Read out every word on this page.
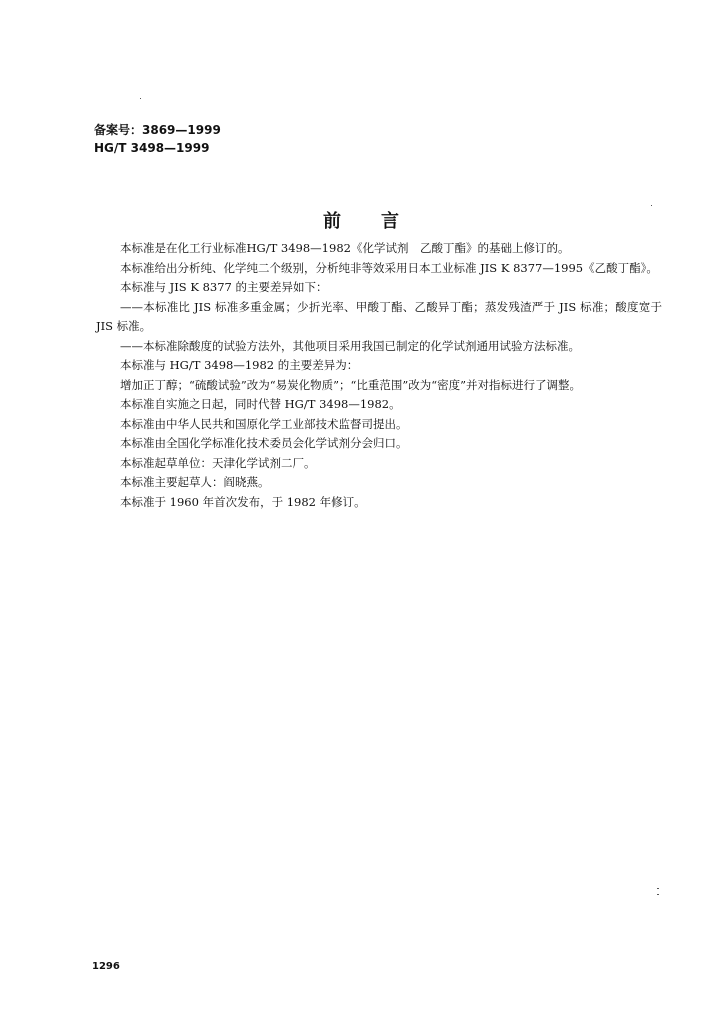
备案号：3869—1999
HG/T 3498—1999
前言

本标准是在化工行业标准HG/T 3498—1982《化学试剂　乙酸丁酯》的基础上修订的。

本标准给出分析纯、化学纯二个级别，分析纯非等效采用日本工业标准 JIS K 8377—1995《乙酸丁酯》。

本标准与 JIS K 8377 的主要差异如下：

——本标准比 JIS 标准多重金属；少折光率、甲酸丁酯、乙酸异丁酯；蒸发残渣严于 JIS 标准；酸度宽于 JIS 标准。

——本标准除酸度的试验方法外，其他项目采用我国已制定的化学试剂通用试验方法标准。

本标准与 HG/T 3498—1982 的主要差异为：

增加正丁醇；“硫酸试验”改为“易炭化物质”；“比重范围”改为“密度”并对指标进行了调整。

本标准自实施之日起，同时代替 HG/T 3498—1982。

本标准由中华人民共和国原化学工业部技术监督司提出。

本标准由全国化学标准化技术委员会化学试剂分会归口。

本标准起草单位：天津化学试剂二厂。

本标准主要起草人：阎晓燕。

本标准于 1960 年首次发布，于 1982 年修订。

1296
